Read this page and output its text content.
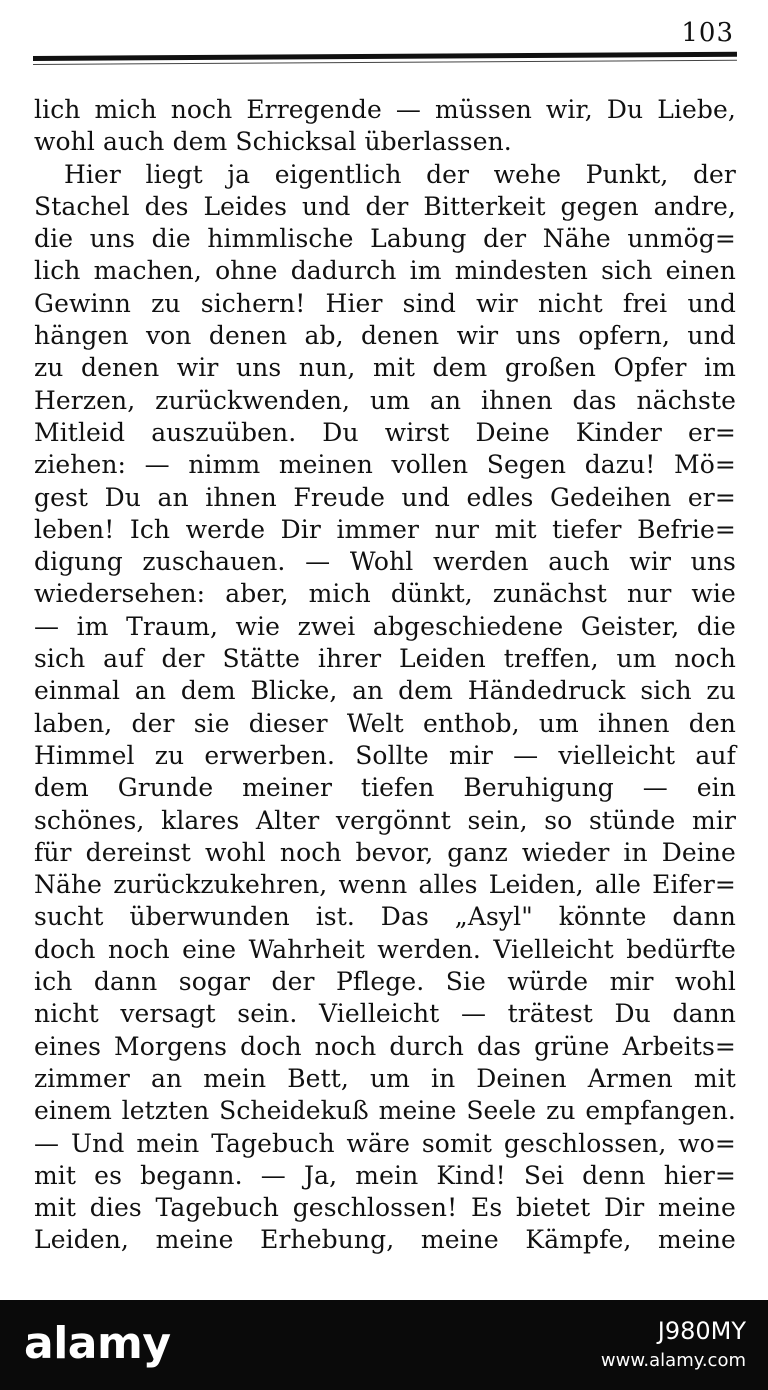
103
lich mich noch Erregende — müssen wir, Du Liebe,
wohl
auch
dem
Schicksal
überlassen.
Hier liegt ja eigentlich der wehe Punkt, der
Stachel des Leides und der Bitterkeit gegen andre,
die uns die himmlische Labung der Nähe unmög=
lich machen, ohne dadurch im mindesten sich einen
Gewinn zu sichern! Hier sind wir nicht frei und
hängen von denen ab, denen wir uns opfern, und
zu denen wir uns nun, mit dem großen Opfer im
Herzen, zurückwenden, um an ihnen das nächste
Mitleid auszuüben. Du wirst Deine Kinder er=
ziehen: — nimm meinen vollen Segen dazu! Mö=
gest Du an ihnen Freude und edles Gedeihen er=
leben! Ich werde Dir immer nur mit tiefer Befrie=
digung zuschauen. — Wohl werden auch wir uns
wiedersehen: aber, mich dünkt, zunächst nur wie
— im Traum, wie zwei abgeschiedene Geister, die
sich auf der Stätte ihrer Leiden treffen, um noch
einmal an dem Blicke, an dem Händedruck sich zu
laben, der sie dieser Welt enthob, um ihnen den
Himmel zu erwerben. Sollte mir — vielleicht auf
dem Grunde meiner tiefen Beruhigung — ein
schönes, klares Alter vergönnt sein, so stünde mir
für dereinst wohl noch bevor, ganz wieder in Deine
Nähe zurückzukehren, wenn alles Leiden, alle Eifer=
sucht überwunden ist. Das „Asyl" könnte dann
doch noch eine Wahrheit werden. Vielleicht bedürfte
ich dann sogar der Pflege. Sie würde mir wohl
nicht versagt sein. Vielleicht — trätest Du dann
eines Morgens doch noch durch das grüne Arbeits=
zimmer an mein Bett, um in Deinen Armen mit
einem letzten Scheidekuß meine Seele zu empfangen.
— Und mein Tagebuch wäre somit geschlossen, wo=
mit es begann. — Ja, mein Kind! Sei denn hier=
mit dies Tagebuch geschlossen! Es bietet Dir meine
Leiden, meine Erhebung, meine Kämpfe, meine
alamy	J980MY
www.alamy.com
